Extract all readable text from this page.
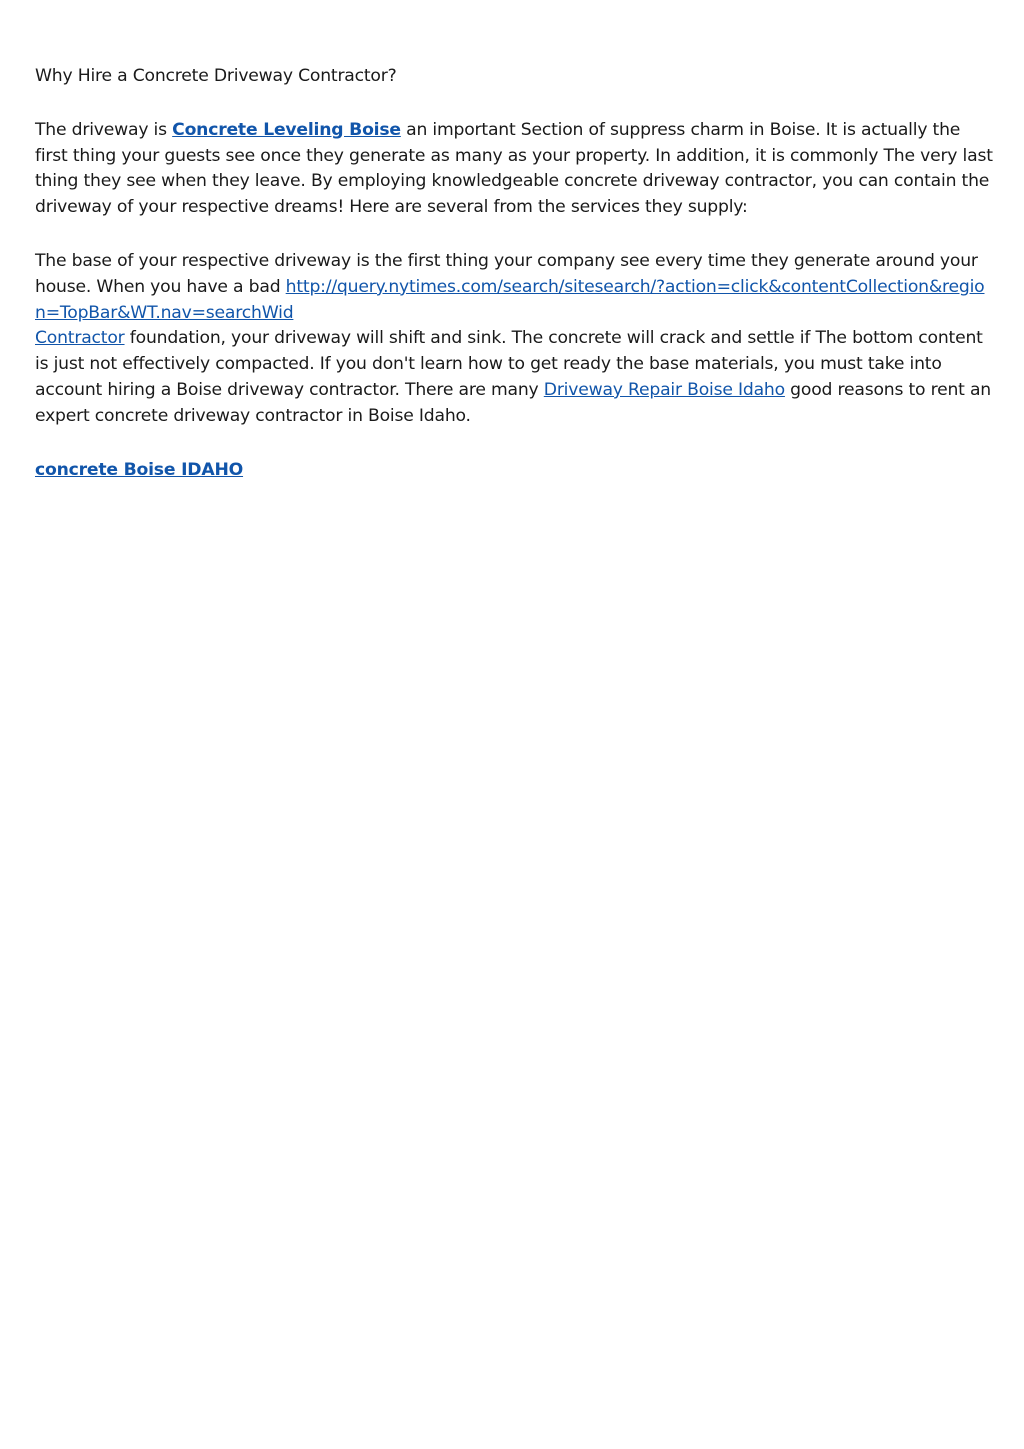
Why Hire a Concrete Driveway Contractor?

The driveway is Concrete Leveling Boise an important Section of suppress charm in Boise. It is actually the first thing your guests see once they generate as many as your property. In addition, it is commonly The very last thing they see when they leave. By employing knowledgeable concrete driveway contractor, you can contain the driveway of your respective dreams! Here are several from the services they supply:

The base of your respective driveway is the first thing your company see every time they generate around your house. When you have a bad http://query.nytimes.com/search/sitesearch/?action=click&contentCollection&region=TopBar&WT.nav=searchWid
Contractor foundation, your driveway will shift and sink. The concrete will crack and settle if The bottom content is just not effectively compacted. If you don't learn how to get ready the base materials, you must take into account hiring a Boise driveway contractor. There are many Driveway Repair Boise Idaho good reasons to rent an expert concrete driveway contractor in Boise Idaho.

concrete Boise IDAHO
